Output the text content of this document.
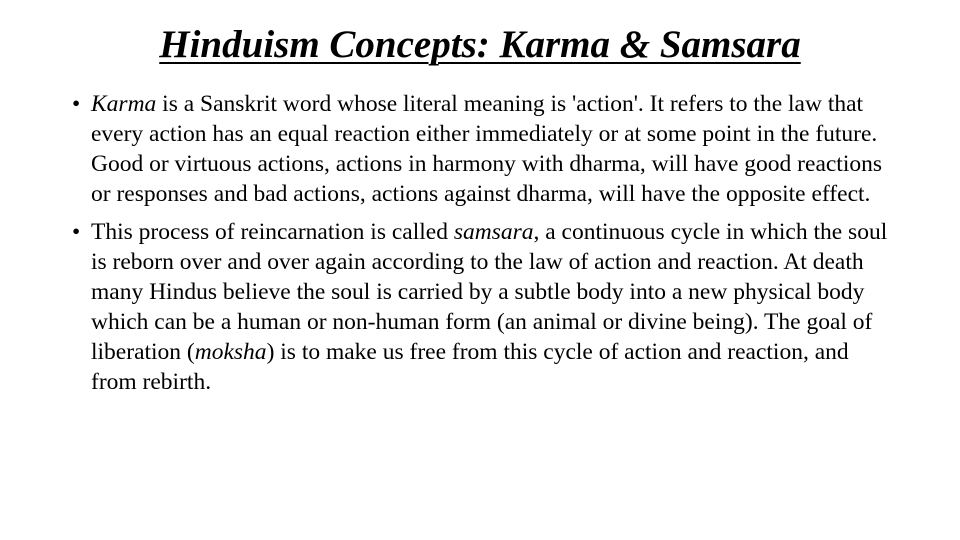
Hinduism Concepts: Karma & Samsara
• Karma is a Sanskrit word whose literal meaning is 'action'. It refers to the law that every action has an equal reaction either immediately or at some point in the future. Good or virtuous actions, actions in harmony with dharma, will have good reactions or responses and bad actions, actions against dharma, will have the opposite effect.
• This process of reincarnation is called samsara, a continuous cycle in which the soul is reborn over and over again according to the law of action and reaction. At death many Hindus believe the soul is carried by a subtle body into a new physical body which can be a human or non-human form (an animal or divine being). The goal of liberation (moksha) is to make us free from this cycle of action and reaction, and from rebirth.
